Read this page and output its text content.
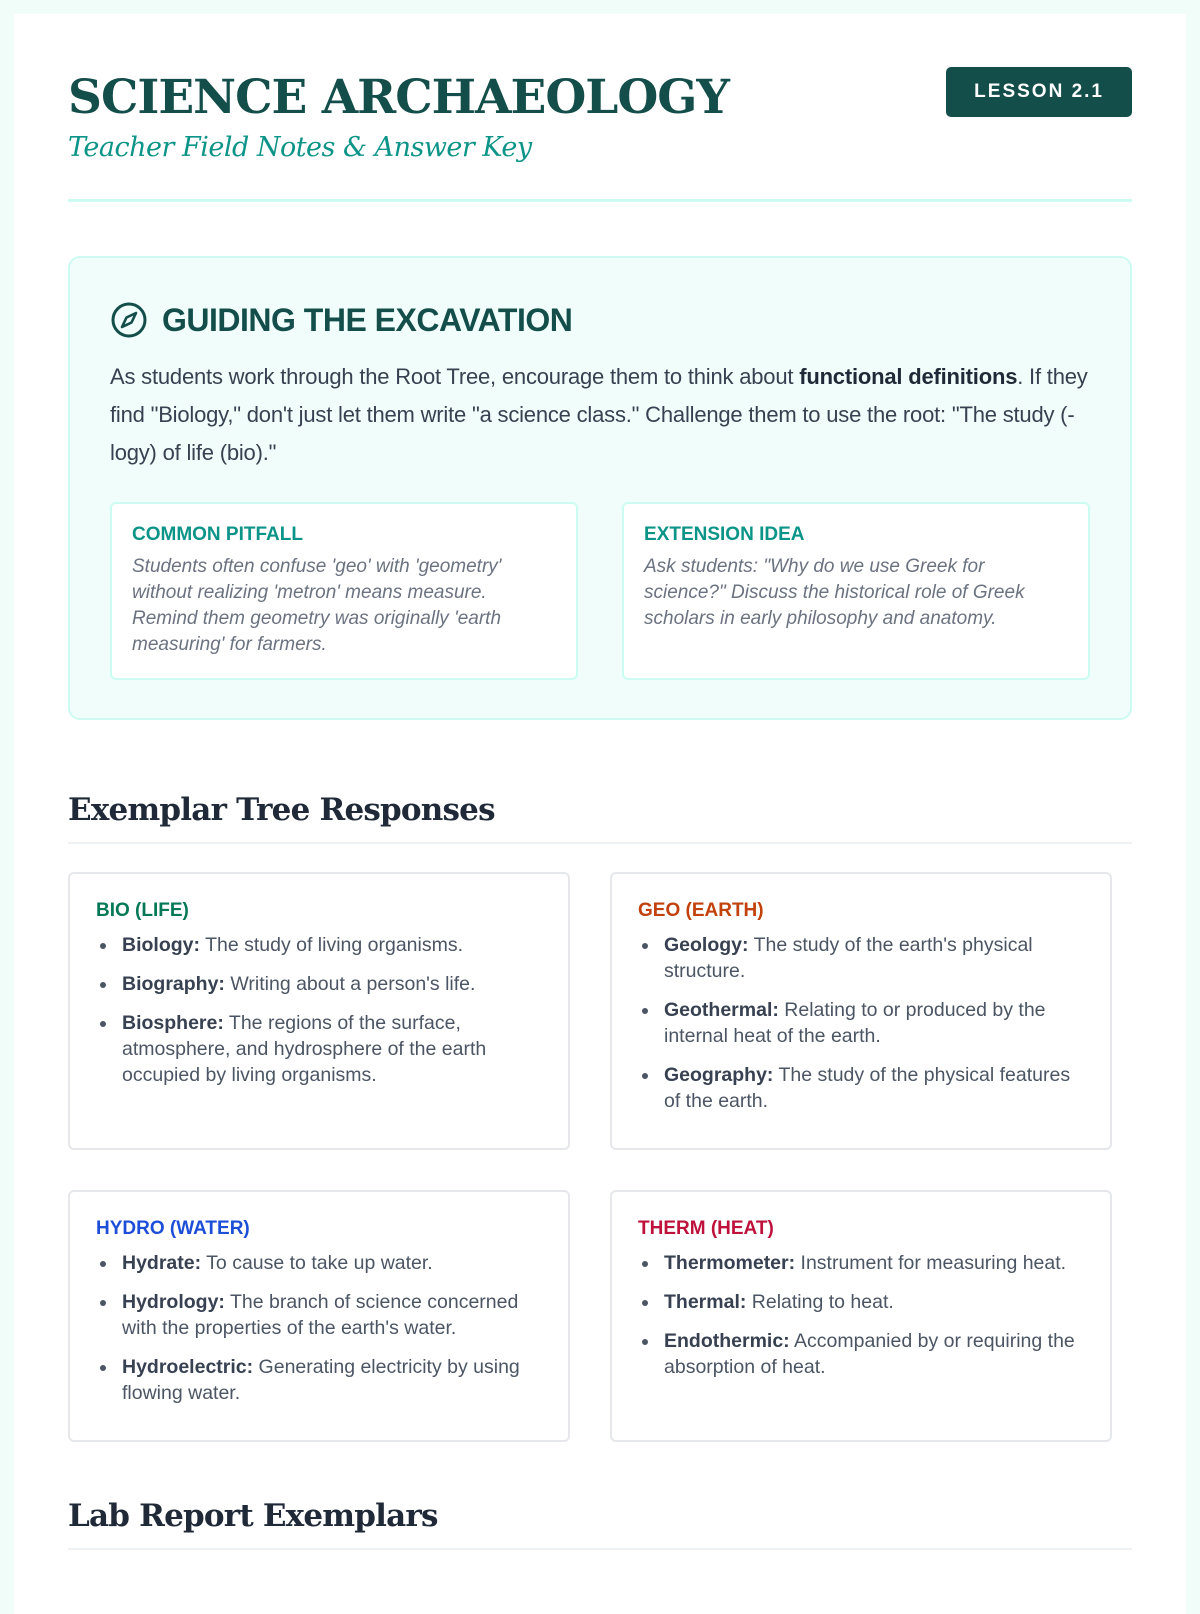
SCIENCE ARCHAEOLOGY
Teacher Field Notes & Answer Key
LESSON 2.1
GUIDING THE EXCAVATION

As students work through the Root Tree, encourage them to think about functional definitions. If they find "Biology," don't just let them write "a science class." Challenge them to use the root: "The study (-logy) of life (bio)."

COMMON PITFALL
Students often confuse 'geo' with 'geometry' without realizing 'metron' means measure. Remind them geometry was originally 'earth measuring' for farmers.
EXTENSION IDEA
Ask students: "Why do we use Greek for science?" Discuss the historical role of Greek scholars in early philosophy and anatomy.
Exemplar Tree Responses
BIO (LIFE)
Biology: The study of living organisms.
Biography: Writing about a person's life.
Biosphere: The regions of the surface, atmosphere, and hydrosphere of the earth occupied by living organisms.
GEO (EARTH)
Geology: The study of the earth's physical structure.
Geothermal: Relating to or produced by the internal heat of the earth.
Geography: The study of the physical features of the earth.
HYDRO (WATER)
Hydrate: To cause to take up water.
Hydrology: The branch of science concerned with the properties of the earth's water.
Hydroelectric: Generating electricity by using flowing water.
THERM (HEAT)
Thermometer: Instrument for measuring heat.
Thermal: Relating to heat.
Endothermic: Accompanied by or requiring the absorption of heat.
Lab Report Exemplars
